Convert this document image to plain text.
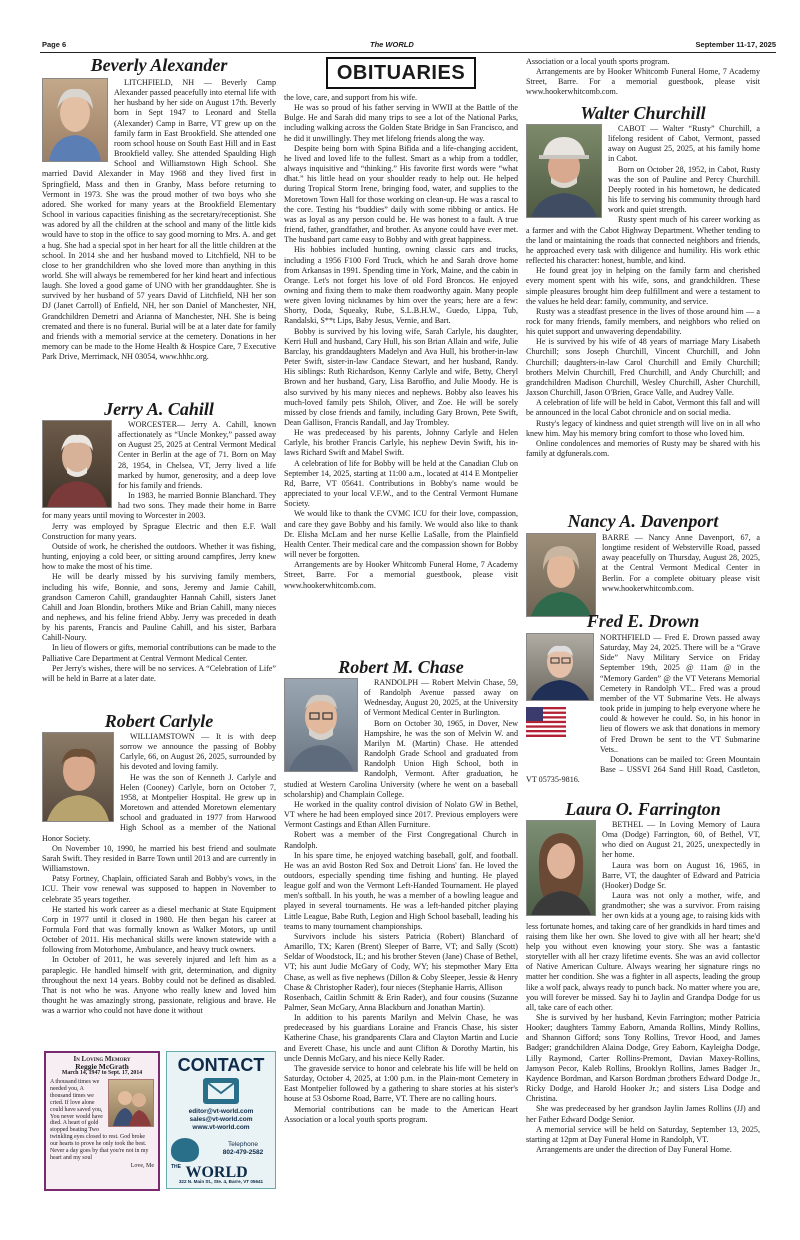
Page 6	The WORLD	September 11-17, 2025
OBITUARIES
Beverly Alexander

LITCHFIELD, NH — Beverly Camp Alexander passed peacefully into eternal life with her husband by her side on August 17th. Beverly born in Sept 1947 to Leonard and Stella (Alexander) Camp in Barre, VT grew up on the family farm in East Brookfield. She attended one room school house on South East Hill and in East Brookfield valley. She attended Spaulding High School and Williamstown High School. She married David Alexander in May 1968 and they lived first in Springfield, Mass and then in Granby, Mass before returning to Vermont in 1973. She was the proud mother of two boys who she adored. She worked for many years at the Brookfield Elementary School in various capacities finishing as the secretary/receptionist. She was adored by all the children at the school and many of the little kids would have to stop in the office to say good morning to Mrs. A. and get a hug. She had a special spot in her heart for all the little children at the school. In 2014 she and her husband moved to Litchfield, NH to be close to her grandchildren who she loved more than anything in this world. She will always be remembered for her kind heart and infectious laugh. She loved a good game of UNO with her granddaughter. She is survived by her husband of 57 years David of Litchfield, NH her son DJ (Janet Carroll) of Enfield, NH, her son Daniel of Manchester, NH, Grandchildren Demetri and Arianna of Manchester, NH. She is being cremated and there is no funeral. Burial will be at a later date for family and friends with a memorial service at the cemetery. Donations in her memory can be made to the Home Health & Hospice Care, 7 Executive Park Drive, Merrimack, NH 03054, www.hhhc.org.

Jerry A. Cahill

WORCESTER— Jerry A. Cahill, known affectionately as “Uncle Monkey,” passed away on August 25, 2025 at Central Vermont Medical Center in Berlin at the age of 71. Born on May 28, 1954, in Chelsea, VT, Jerry lived a life marked by humor, generosity, and a deep love for his family and friends.

In 1983, he married Bonnie Blanchard. They had two sons. They made their home in Barre for many years until moving to Worcester in 2003.

Jerry was employed by Sprague Electric and then E.F. Wall Construction for many years.

Outside of work, he cherished the outdoors. Whether it was fishing, hunting, enjoying a cold beer, or sitting around campfires, Jerry knew how to make the most of his time.

He will be dearly missed by his surviving family members, including his wife, Bonnie, and sons, Jeremy and Jamie Cahill, grandson Cameron Cahill, grandaughter Hannah Cahill, sisters Janet Cahill and Joan Blondin, brothers Mike and Brian Cahill, many nieces and nephews, and his feline friend Abby. Jerry was preceded in death by his parents, Francis and Pauline Cahill, and his sister, Barbara Cahill-Noury.

In lieu of flowers or gifts, memorial contributions can be made to the Palliative Care Department at Central Vermont Medical Center.

Per Jerry's wishes, there will be no services. A “Celebration of Life” will be held in Barre at a later date.

Robert Carlyle

WILLIAMSTOWN — It is with deep sorrow we announce the passing of Bobby Carlyle, 66, on August 26, 2025, surrounded by his devoted and loving family.

He was the son of Kenneth J. Carlyle and Helen (Cooney) Carlyle, born on October 7, 1958, at Montpelier Hospital. He grew up in Moretown and attended Moretown elementary school and graduated in 1977 from Harwood High School as a member of the National Honor Society.

On November 10, 1990, he married his best friend and soulmate Sarah Swift. They resided in Barre Town until 2013 and are currently in Williamstown.

Patsy Fortney, Chaplain, officiated Sarah and Bobby's vows, in the ICU. Their vow renewal was supposed to happen in November to celebrate 35 years together.

He started his work career as a diesel mechanic at State Equipment Corp in 1977 until it closed in 1980. He then began his career at Formula Ford that was formally known as Walker Motors, up until October of 2011. His mechanical skills were known statewide with a following from Motorhome, Ambulance, and heavy truck owners.

In October of 2011, he was severely injured and left him as a paraplegic. He handled himself with grit, determination, and dignity throughout the next 14 years. Bobby could not be defined as disabled. That is not who he was. Anyone who really knew and loved him thought he was amazingly strong, passionate, religious and brave. He was a warrior who could not have done it without

In Loving Memory
Reggie McGrath
March 14, 1947 to Sept. 17, 2014
A thousand times we needed you, A thousand times we cried. If love alone could have saved you, You never would have died. A heart of gold stopped beating Two twinkling eyes closed to rest. God broke our hearts to prove he only took the best. Never a day goes by that you're not in my heart and my soul
Love, Me
CONTACT
editor@vt-world.com
sales@vt-world.com
www.vt-world.com
Telephone
802-479-2582
$^{THE}$ WORLD
322 N. Main St., Ste. 4, Barre, VT 05641

the love, care, and support from his wife.

He was so proud of his father serving in WWII at the Battle of the Bulge. He and Sarah did many trips to see a lot of the National Parks, including walking across the Golden State Bridge in San Francisco, and he did it unwillingly. They met lifelong friends along the way.

Despite being born with Spina Bifida and a life-changing accident, he lived and loved life to the fullest. Smart as a whip from a toddler, always inquisitive and “thinking.” His favorite first words were “what dhat.” his little head on your shoulder ready to help out. He helped during Tropical Storm Irene, bringing food, water, and supplies to the Moretown Town Hall for those working on clean-up. He was a rascal to the core. Testing his “buddies” daily with some ribbing or antics. He was as loyal as any person could be. He was honest to a fault. A true friend, father, grandfather, and brother. As anyone could have ever met. The husband part came easy to Bobby and with great happiness.

His hobbies included hunting, owning classic cars and trucks, including a 1956 F100 Ford Truck, which he and Sarah drove home from Arkansas in 1991. Spending time in York, Maine, and the cabin in Orange. Let's not forget his love of old Ford Broncos. He enjoyed owning and fixing them to make them roadworthy again. Many people were given loving nicknames by him over the years; here are a few: Shorty, Doda, Squeaky, Rube, S.L.B.H.W., Guedo, Lippa, Tub, Randalski, S**t Lips, Baby Jesus, Vernie, and Bart.

Bobby is survived by his loving wife, Sarah Carlyle, his daughter, Kerri Hull and husband, Cary Hull, his son Brian Allain and wife, Julie Barclay, his granddaughters Madelyn and Ava Hull, his brother-in-law Peter Swift, sister-in-law Candace Stewart, and her husband, Randy. His siblings: Ruth Richardson, Kenny Carlyle and wife, Betty, Cheryl Brown and her husband, Gary, Lisa Baroffio, and Julie Moody. He is also survived by his many nieces and nephews. Bobby also leaves his much-loved family pets Shiloh, Oliver, and Zoe. He will be sorely missed by close friends and family, including Gary Brown, Pete Swift, Dean Gallison, Francis Randall, and Jay Trombley.

He was predeceased by his parents, Johnny Carlyle and Helen Carlyle, his brother Francis Carlyle, his nephew Devin Swift, his in-laws Richard Swift and Mabel Swift.

A celebration of life for Bobby will be held at the Canadian Club on September 14, 2025, starting at 11:00 a.m., located at 414 E Montpelier Rd, Barre, VT 05641. Contributions in Bobby's name would be appreciated to your local V.F.W., and to the Central Vermont Humane Society.

We would like to thank the CVMC ICU for their love, compassion, and care they gave Bobby and his family. We would also like to thank Dr. Elisha McLam and her nurse Kellie LaSalle, from the Plainfield Health Center. Their medical care and the compassion shown for Bobby will never be forgotten.

Arrangements are by Hooker Whitcomb Funeral Home, 7 Academy Street, Barre. For a memorial guestbook, please visit www.hookerwhitcomb.com.

Robert M. Chase

RANDOLPH — Robert Melvin Chase, 59, of Randolph Avenue passed away on Wednesday, August 20, 2025, at the University of Vermont Medical Center in Burlington.

Born on October 30, 1965, in Dover, New Hampshire, he was the son of Melvin W. and Marilyn M. (Martin) Chase. He attended Randolph Grade School and graduated from Randolph Union High School, both in Randolph, Vermont. After graduation, he studied at Western Carolina University (where he went on a baseball scholarship) and Champlain College.

He worked in the quality control division of Nolato GW in Bethel, VT where he had been employed since 2017. Previous employers were Vermont Castings and Ethan Allen Furniture.

Robert was a member of the First Congregational Church in Randolph.

In his spare time, he enjoyed watching baseball, golf, and football. He was an avid Boston Red Sox and Detroit Lions' fan. He loved the outdoors, especially spending time fishing and hunting. He played league golf and won the Vermont Left-Handed Tournament. He played men's softball. In his youth, he was a member of a bowling league and played in several tournaments. He was a left-handed pitcher playing Little League, Babe Ruth, Legion and High School baseball, leading his teams to many tournament championships.

Survivors include his sisters Patricia (Robert) Blanchard of Amarillo, TX; Karen (Brent) Sleeper of Barre, VT; and Sally (Scott) Seldar of Woodstock, IL; and his brother Steven (Jane) Chase of Bethel, VT; his aunt Judie McGary of Cody, WY; his stepmother Mary Etta Chase, as well as five nephews (Dillon & Coby Sleeper, Jessie & Henry Chase & Christopher Rader), four nieces (Stephanie Harris, Allison

Rosenbach, Caitlin Schmitt & Erin Rader), and four cousins (Suzanne Palmer, Sean McGary, Anna Blackburn and Jonathan Martin).

In addition to his parents Marilyn and Melvin Chase, he was predeceased by his guardians Loraine and Francis Chase, his sister Katherine Chase, his grandparents Clara and Clayton Martin and Lucie and Everett Chase, his uncle and aunt Clifton & Dorothy Martin, his uncle Dennis McGary, and his niece Kelly Rader.

The graveside service to honor and celebrate his life will be held on Saturday, October 4, 2025, at 1:00 p.m. in the Plain-mont Cemetery in East Montpelier followed by a gathering to share stories at his sister's house at 53 Osborne Road, Barre, VT. There are no calling hours.

Memorial contributions can be made to the American Heart Association or a local youth sports program.

Association or a local youth sports program.

Arrangements are by Hooker Whitcomb Funeral Home, 7 Academy Street, Barre. For a memorial guestbook, please visit www.hookerwhitcomb.com.

Walter Churchill

CABOT — Walter “Rusty” Churchill, a lifelong resident of Cabot, Vermont, passed away on August 25, 2025, at his family home in Cabot.

Born on October 28, 1952, in Cabot, Rusty was the son of Pauline and Percy Churchill. Deeply rooted in his hometown, he dedicated his life to serving his community through hard work and quiet strength.

Rusty spent much of his career working as a farmer and with the Cabot Highway Department. Whether tending to the land or maintaining the roads that connected neighbors and friends, he approached every task with diligence and humility. His work ethic reflected his character: honest, humble, and kind.

He found great joy in helping on the family farm and cherished every moment spent with his wife, sons, and grandchildren. These simple pleasures brought him deep fulfillment and were a testament to the values he held dear: family, community, and service.

Rusty was a steadfast presence in the lives of those around him — a rock for many friends, family members, and neighbors who relied on his quiet support and unwavering dependability.

He is survived by his wife of 48 years of marriage Mary Lisabeth Churchill; sons Joseph Churchill, Vincent Churchill, and John Churchill; daughters-in-law Carol Churchill and Emily Churchill; brothers Melvin Churchill, Fred Churchill, and Andy Churchill; and grandchildren Madison Churchill, Wesley Churchill, Asher Churchill, Jaxson Churchill, Jason O'Brien, Grace Valle, and Audrey Valle.

A celebration of life will be held in Cabot, Vermont this fall and will be announced in the local Cabot chronicle and on social media.

Rusty's legacy of kindness and quiet strength will live on in all who knew him. May his memory bring comfort to those who loved him.

Online condolences and memories of Rusty may be shared with his family at dgfunerals.com.

Nancy A. Davenport

BARRE — Nancy Anne Davenport, 67, a longtime resident of Websterville Road, passed away peacefully on Thursday, August 28, 2025, at the Central Vermont Medical Center in Berlin. For a complete obituary please visit www.hookerwhitcomb.com.

Fred E. Drown

NORTHFIELD — Fred E. Drown passed away Saturday, May 24, 2025. There will be a “Grave Side” Navy Military Service on Friday September 19th, 2025 @ 11am @ in the “Memory Garden” @ the VT Veterans Memorial Cemetery in Randolph VT... Fred was a proud member of the VT Submarine Vets. He always took pride in jumping to help everyone where he could & however he could. So, in his honor in lieu of flowers we ask that donations in memory of Fred Drown be sent to the VT Submarine Vets..

Donations can be mailed to: Green Mountain Base – USSVI 264 Sand Hill Road, Castleton, VT 05735-9816.

Laura O. Farrington

BETHEL — In Loving Memory of Laura Oma (Dodge) Farrington, 60, of Bethel, VT, who died on August 21, 2025, unexpectedly in her home.

Laura was born on August 16, 1965, in Barre, VT, the daughter of Edward and Patricia (Hooker) Dodge Sr.

Laura was not only a mother, wife, and grandmother; she was a survivor. From raising her own kids at a young age, to raising kids with less fortunate homes, and taking care of her grandkids in hard times and raising them like her own. She loved to give with all her heart; she'd help you without even knowing your story. She was a fantastic storyteller with all her crazy lifetime events. She was an avid collector of Native American Culture. Always wearing her signature rings no matter her condition. She was a fighter in all aspects, leading the group like a wolf pack, always ready to punch back. No matter where you are, you will forever be missed. Say hi to Jaylin and Grandpa Dodge for us all, take care of each other.

She is survived by her husband, Kevin Farrington; mother Patricia Hooker; daughters Tammy Eaborn, Amanda Rollins, Mindy Rollins, and Shannon Gifford; sons Tony Rollins, Trevor Hood, and James Badger; grandchildren Alaina Dodge, Grey Eaborn, Kayleigha Dodge, Lilly Raymond, Carter Rollins-Premont, Davian Maxey-Rollins, Jamyson Pecor, Kaleb Rollins, Brooklyn Rollins, James Badger Jr., Kaydence Bordman, and Karson Bordman ;brothers Edward Dodge Jr., Ricky Dodge, and Harold Hooker Jr.; and sisters Lisa Dodge and Christina.

She was predeceased by her grandson Jaylin James Rollins (JJ) and her Father Edward Dodge Senior.

A memorial service will be held on Saturday, September 13, 2025, starting at 12pm at Day Funeral Home in Randolph, VT.

Arrangements are under the direction of Day Funeral Home.
